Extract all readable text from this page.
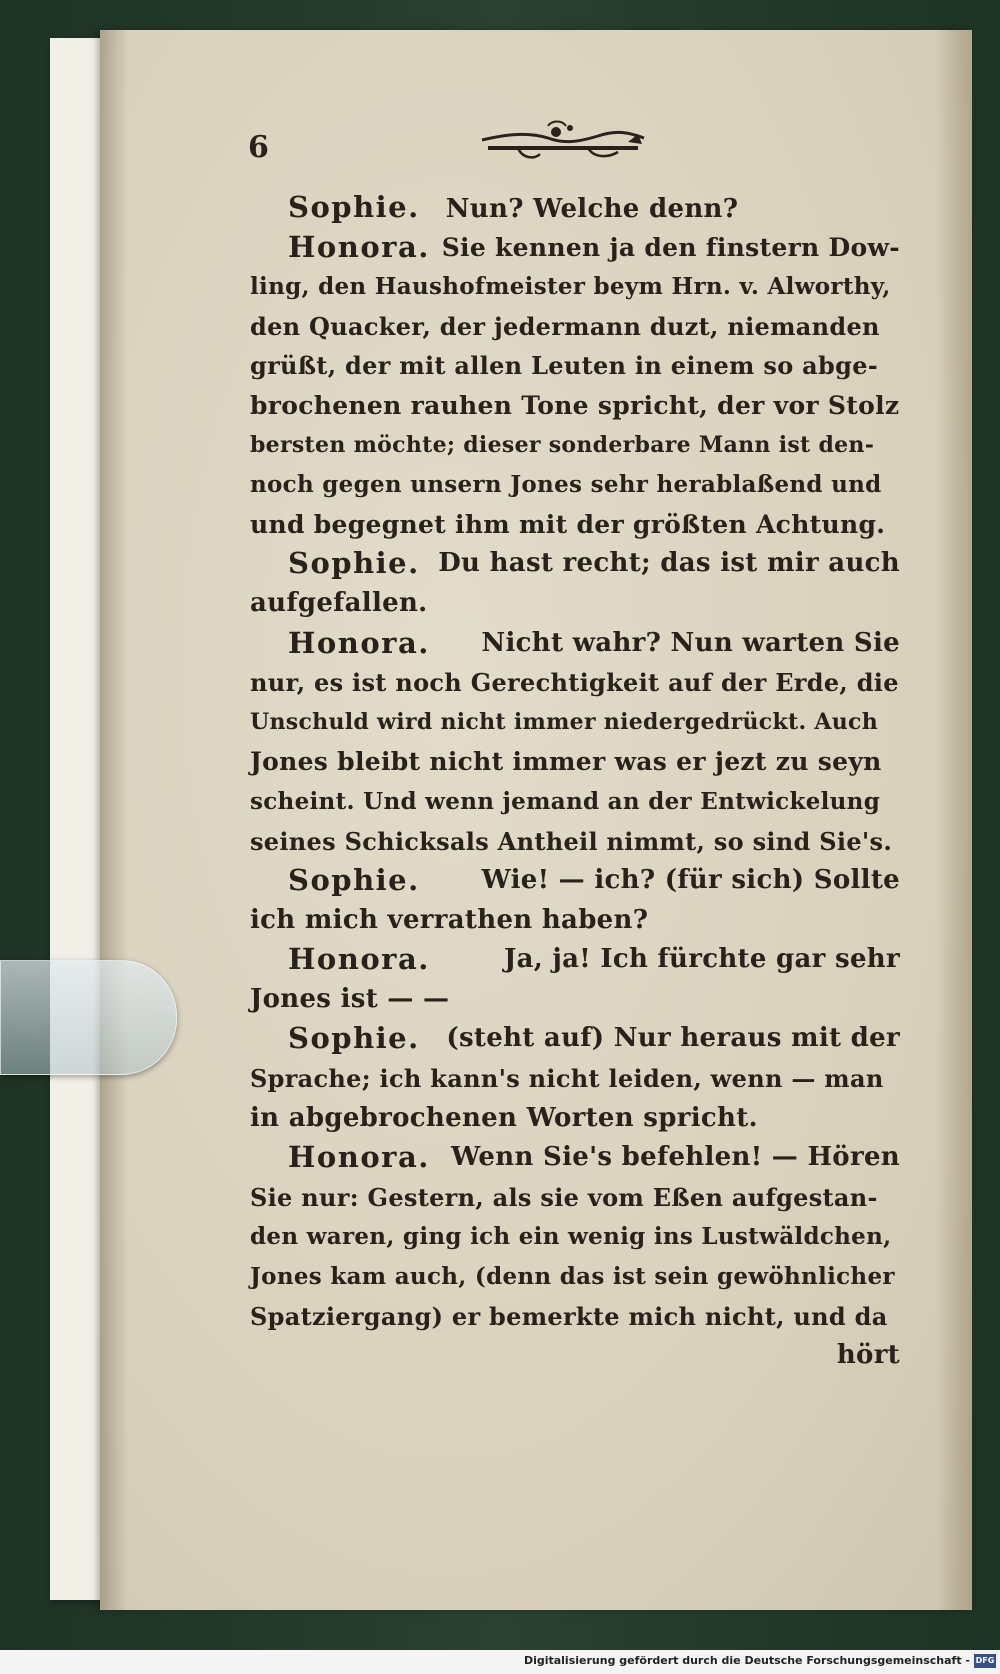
6
Sophie. Nun? Welche denn?
Honora. Sie kennen ja den finstern Dow-
ling, den Haushofmeister beym Hrn. v. Alworthy,
den Quacker, der jedermann duzt, niemanden
grüßt, der mit allen Leuten in einem so abge-
brochenen rauhen Tone spricht, der vor Stolz
bersten möchte; dieser sonderbare Mann ist den-
noch gegen unsern Jones sehr herablaßend und
und begegnet ihm mit der größten Achtung.
Sophie. Du hast recht; das ist mir auch
aufgefallen.
Honora. Nicht wahr? Nun warten Sie
nur, es ist noch Gerechtigkeit auf der Erde, die
Unschuld wird nicht immer niedergedrückt. Auch
Jones bleibt nicht immer was er jezt zu seyn
scheint. Und wenn jemand an der Entwickelung
seines Schicksals Antheil nimmt, so sind Sie's.
Sophie. Wie! — ich? (für sich) Sollte
ich mich verrathen haben?
Honora.	Ja, ja! Ich fürchte gar sehr
Jones ist — —
Sophie. (steht auf) Nur heraus mit der
Sprache; ich kann's nicht leiden, wenn — man
in abgebrochenen Worten spricht.
Honora. Wenn Sie's befehlen! — Hören
Sie nur: Gestern, als sie vom Eßen aufgestan-
den waren, ging ich ein wenig ins Lustwäldchen,
Jones kam auch, (denn das ist sein gewöhnlicher
Spatziergang) er bemerkte mich nicht, und da
hört
Digitalisierung gefördert durch die Deutsche Forschungsgemeinschaft - DFG
